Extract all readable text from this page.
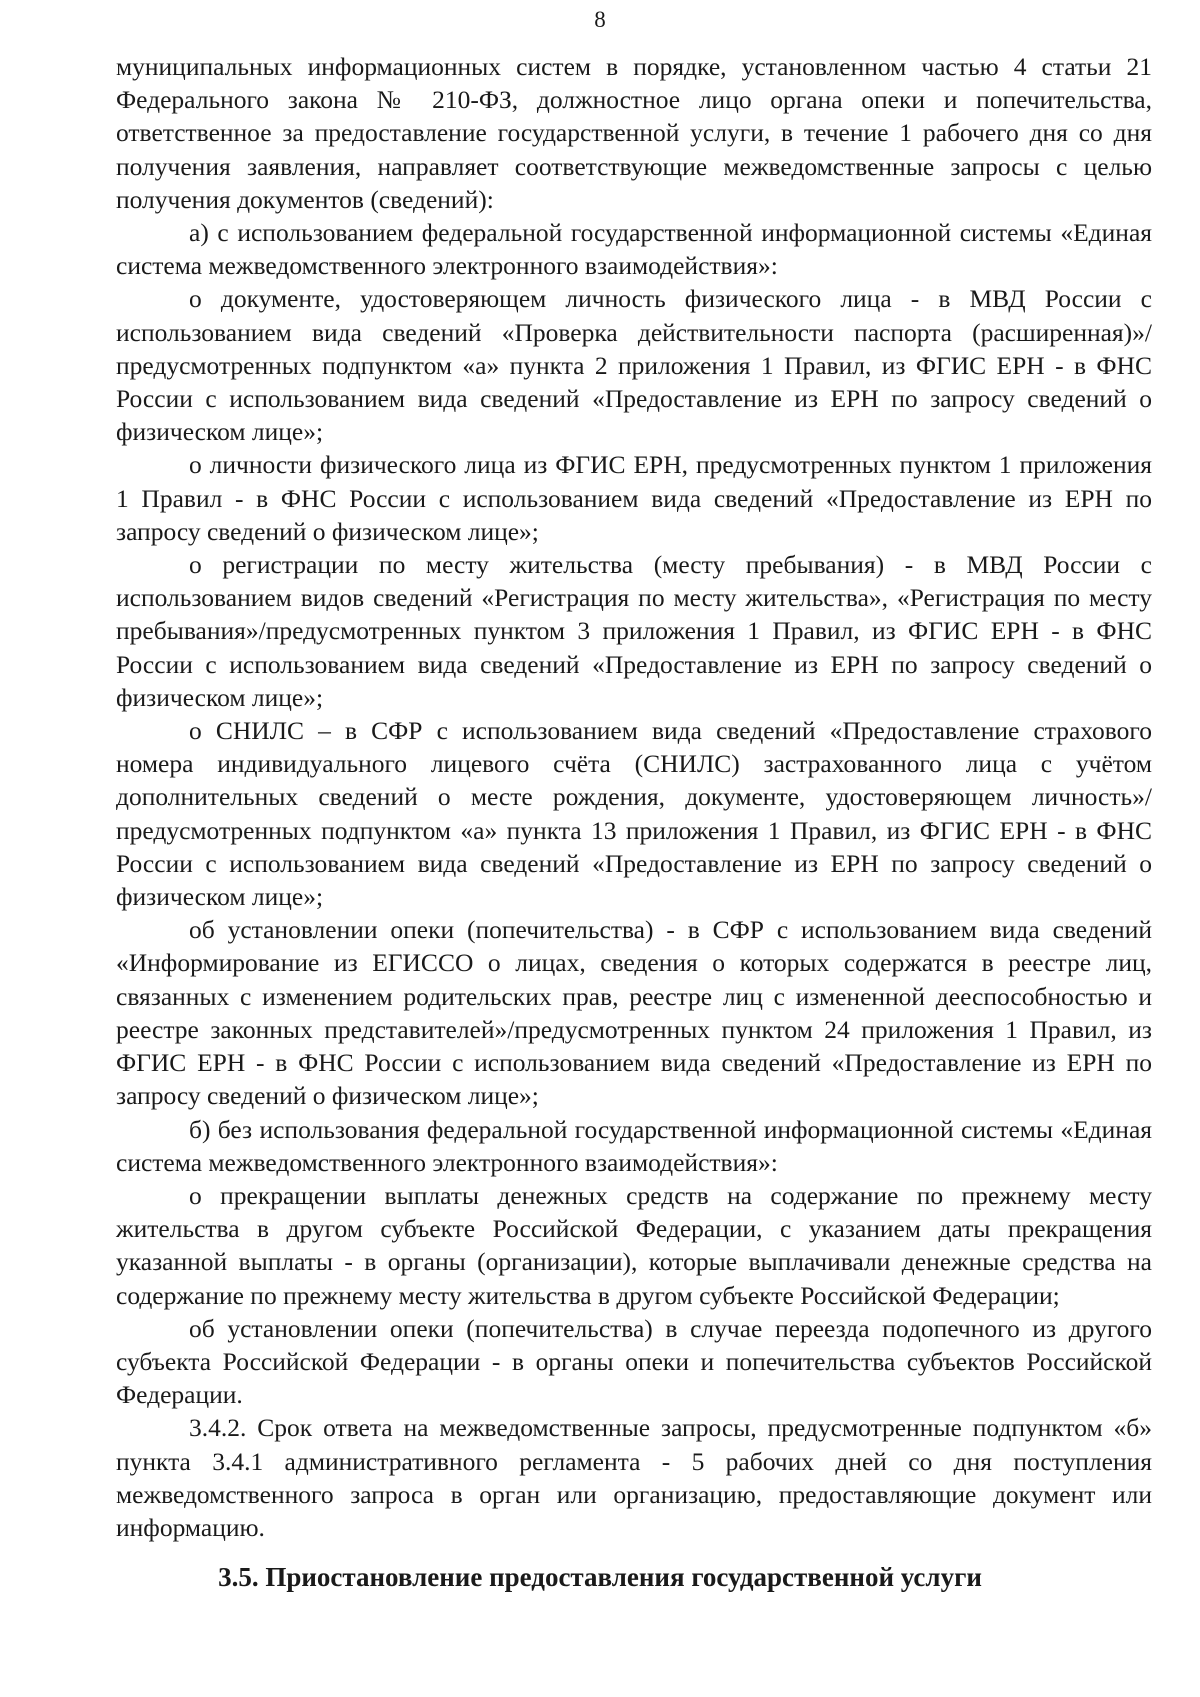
8

муниципальных информационных систем в порядке, установленном частью 4 статьи 21 Федерального закона № 210-ФЗ, должностное лицо органа опеки и попечительства, ответственное за предоставление государственной услуги, в течение 1 рабочего дня со дня получения заявления, направляет соответствующие межведомственные запросы с целью получения документов (сведений):

а) с использованием федеральной государственной информационной системы «Единая система межведомственного электронного взаимодействия»:

о документе, удостоверяющем личность физического лица - в МВД России с использованием вида сведений «Проверка действительности паспорта (расширенная)»/предусмотренных подпунктом «а» пункта 2 приложения 1 Правил, из ФГИС ЕРН - в ФНС России с использованием вида сведений «Предоставление из ЕРН по запросу сведений о физическом лице»;

о личности физического лица из ФГИС ЕРН, предусмотренных пунктом 1 приложения 1 Правил - в ФНС России с использованием вида сведений «Предоставление из ЕРН по запросу сведений о физическом лице»;

о регистрации по месту жительства (месту пребывания) - в МВД России с использованием видов сведений «Регистрация по месту жительства», «Регистрация по месту пребывания»/предусмотренных пунктом 3 приложения 1 Правил, из ФГИС ЕРН - в ФНС России с использованием вида сведений «Предоставление из ЕРН по запросу сведений о физическом лице»;

о СНИЛС – в СФР с использованием вида сведений «Предоставление страхового номера индивидуального лицевого счёта (СНИЛС) застрахованного лица с учётом дополнительных сведений о месте рождения, документе, удостоверяющем личность»/предусмотренных подпунктом «а» пункта 13 приложения 1 Правил, из ФГИС ЕРН - в ФНС России с использованием вида сведений «Предоставление из ЕРН по запросу сведений о физическом лице»;

об установлении опеки (попечительства) - в СФР с использованием вида сведений «Информирование из ЕГИССО о лицах, сведения о которых содержатся в реестре лиц, связанных с изменением родительских прав, реестре лиц с измененной дееспособностью и реестре законных представителей»/предусмотренных пунктом 24 приложения 1 Правил, из ФГИС ЕРН - в ФНС России с использованием вида сведений «Предоставление из ЕРН по запросу сведений о физическом лице»;

б) без использования федеральной государственной информационной системы «Единая система межведомственного электронного взаимодействия»:

о прекращении выплаты денежных средств на содержание по прежнему месту жительства в другом субъекте Российской Федерации, с указанием даты прекращения указанной выплаты - в органы (организации), которые выплачивали денежные средства на содержание по прежнему месту жительства в другом субъекте Российской Федерации;

об установлении опеки (попечительства) в случае переезда подопечного из другого субъекта Российской Федерации - в органы опеки и попечительства субъектов Российской Федерации.

3.4.2. Срок ответа на межведомственные запросы, предусмотренные подпунктом «б» пункта 3.4.1 административного регламента - 5 рабочих дней со дня поступления межведомственного запроса в орган или организацию, предоставляющие документ или информацию.

3.5. Приостановление предоставления государственной услуги
